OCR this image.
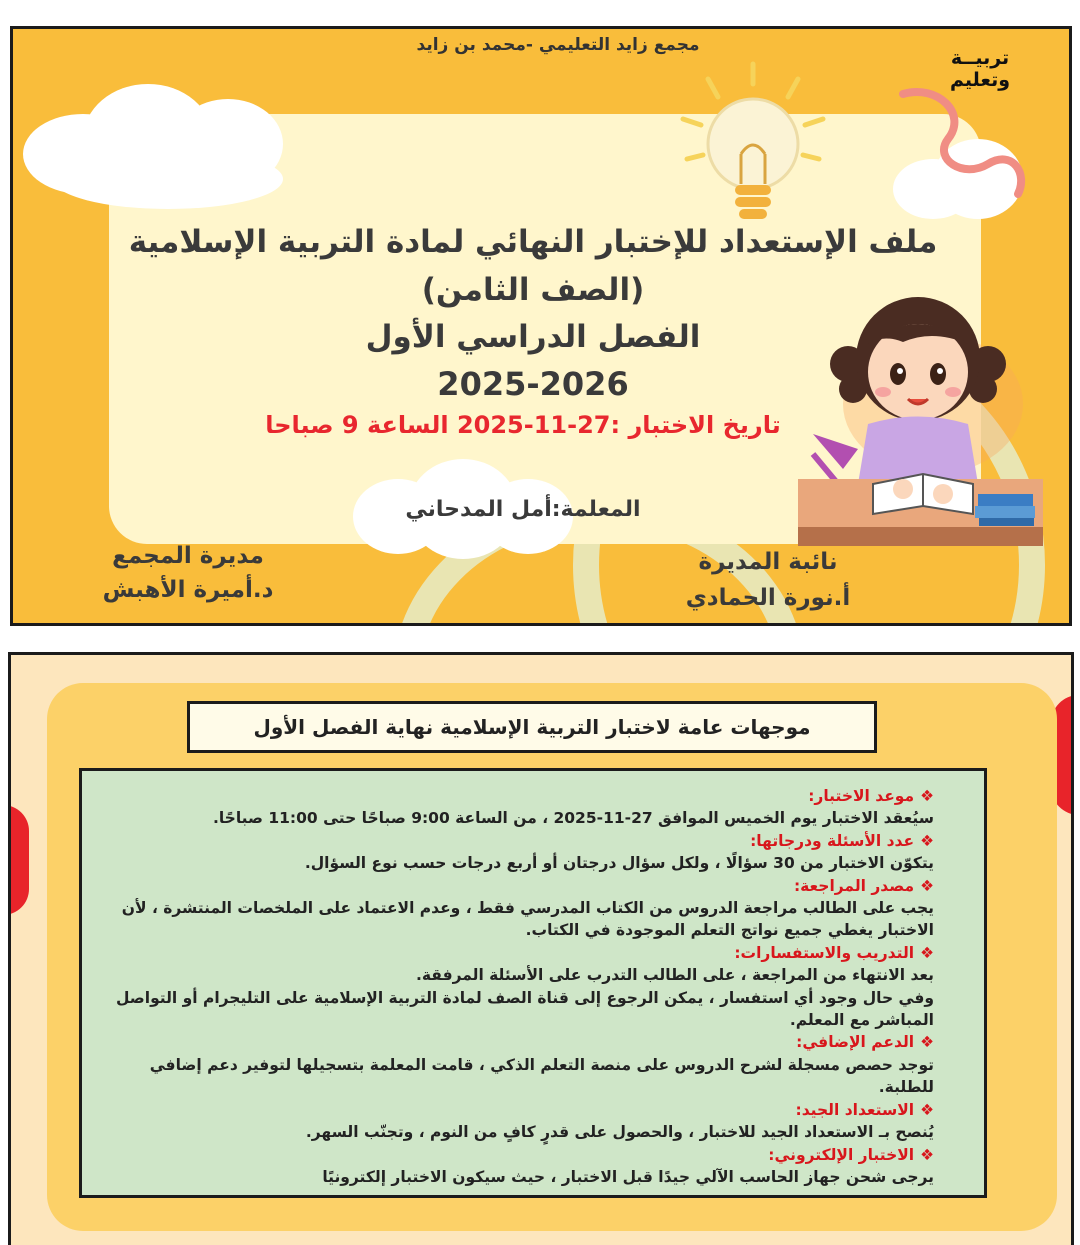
مجمع زايد التعليمي -محمد بن زايد
تربيــة
وتعليم
ملف الإستعداد للإختبار النهائي لمادة التربية الإسلامية
(الصف الثامن)
الفصل الدراسي الأول
2025-2026
تاريخ الاختبار :27-11-2025 الساعة 9 صباحا
المعلمة:أمل المدحاني
مديرة المجمع
د.أميرة الأهبش
نائبة المديرة
أ.نورة الحمادي
موجهات عامة لاختبار التربية الإسلامية نهاية الفصل الأول
❖موعد الاختبار:
سيُعقد الاختبار يوم الخميس الموافق 27-11-2025 ، من الساعة 9:00 صباحًا حتى 11:00 صباحًا.
❖عدد الأسئلة ودرجاتها:
يتكوّن الاختبار من 30 سؤالًا ، ولكل سؤال درجتان أو أربع درجات حسب نوع السؤال.
❖مصدر المراجعة:
يجب على الطالب مراجعة الدروس من الكتاب المدرسي فقط ، وعدم الاعتماد على الملخصات المنتشرة ، لأن الاختبار يغطي جميع نواتج التعلم الموجودة في الكتاب.
❖التدريب والاستفسارات:
بعد الانتهاء من المراجعة ، على الطالب التدرب على الأسئلة المرفقة.
وفي حال وجود أي استفسار ، يمكن الرجوع إلى قناة الصف لمادة التربية الإسلامية على التليجرام أو التواصل المباشر مع المعلم.
❖الدعم الإضافي:
توجد حصص مسجلة لشرح الدروس على منصة التعلم الذكي ، قامت المعلمة بتسجيلها لتوفير دعم إضافي للطلبة.
❖الاستعداد الجيد:
يُنصح بـ الاستعداد الجيد للاختبار ، والحصول على قدرٍ كافٍ من النوم ، وتجنّب السهر.
❖الاختبار الإلكتروني:
يرجى شحن جهاز الحاسب الآلي جيدًا قبل الاختبار ، حيث سيكون الاختبار إلكترونيًا
